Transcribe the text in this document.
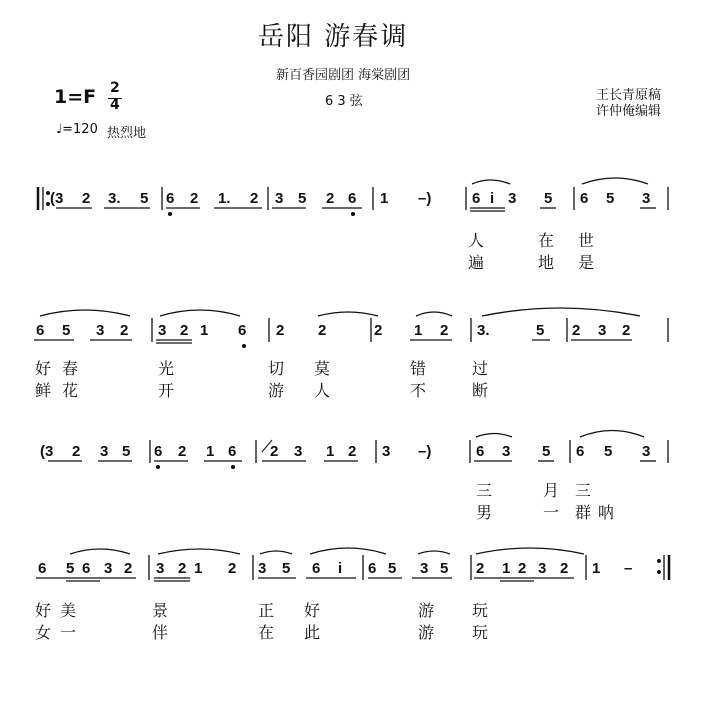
岳阳 游春调
新百香园剧团 海棠剧团
6 3 弦
1=F 2
4
♩=120 热烈地
王长青原稿
许仲俺编辑
(3 2 3. 5 6 2 1. 2 3 5 2 6 1 –)	6 i 3 5 6 5 3
人	在 世
遍	地 是
6 5 3 2 3 2 1 6 2 2	2 1 2 3.	5 2 3 2
好 春	光	切 莫	错	过
鲜 花	开	游 人	不	断
(3 2 3 5 6 2 1 6 2 3 1 2 3 –)	6 3 5 6 5 3
三	月 三
男	一 群 呐
6 5 6 3 2 3 2 1 2 3 5 6 i 6 5 3 5 2 1 2 3 2 1 –
好 美	景	正 好	游 玩
女 一	伴	在 此	游 玩
